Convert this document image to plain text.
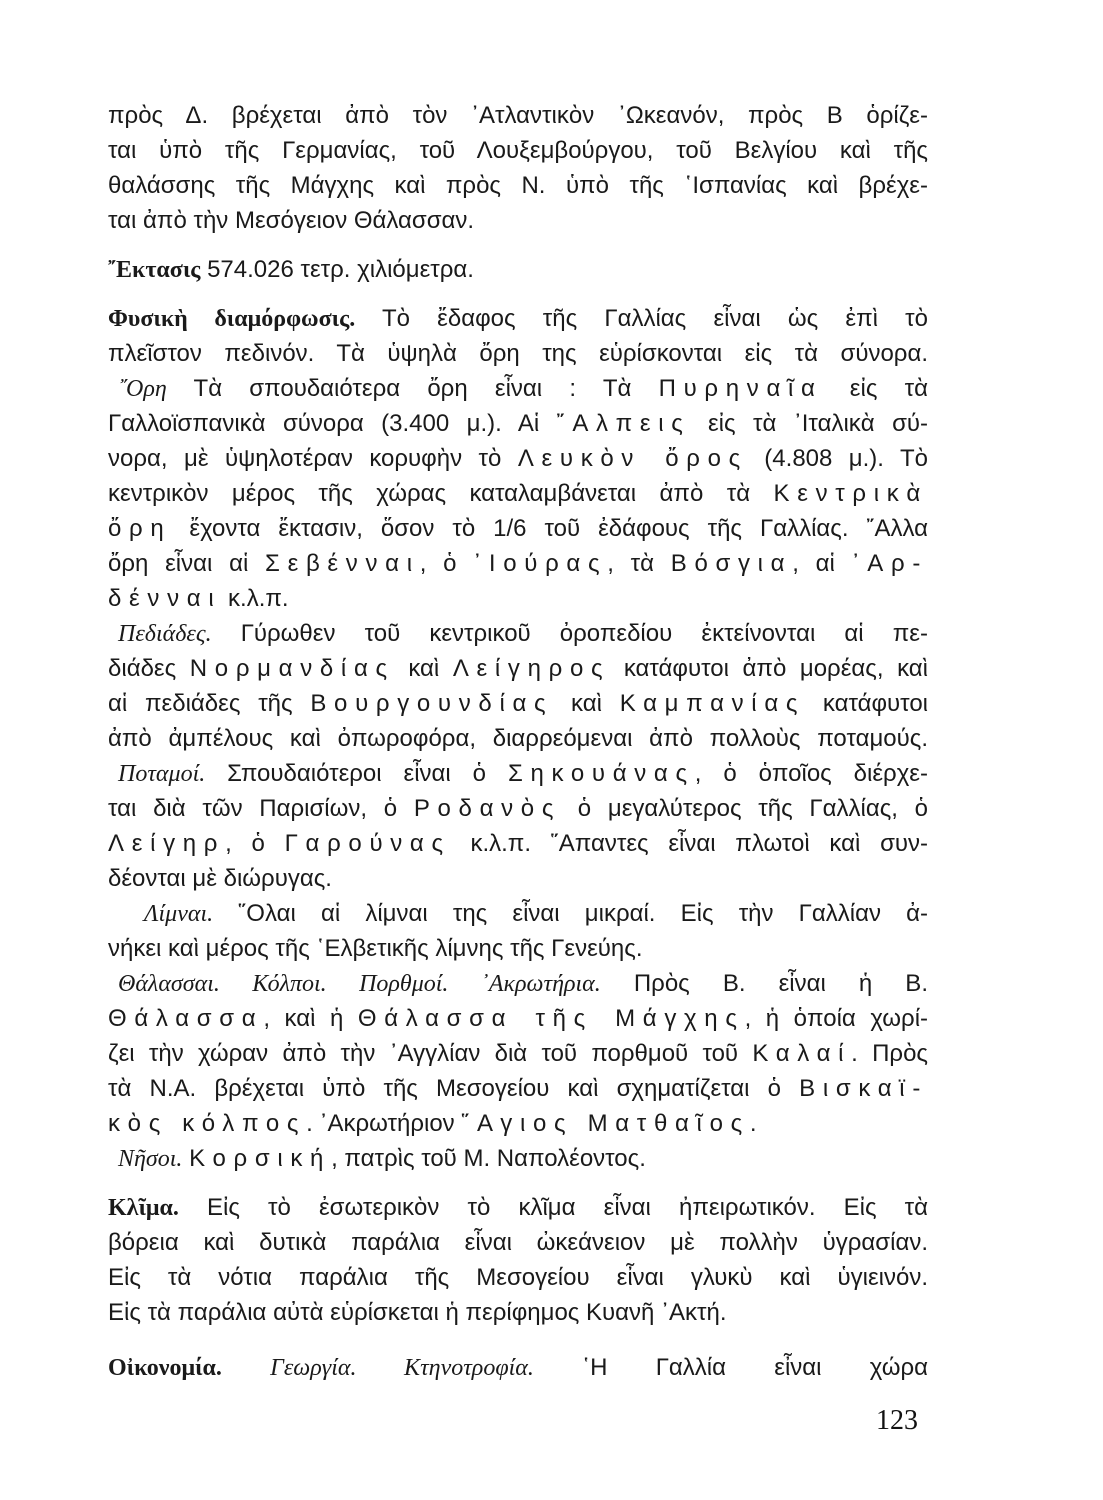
πρὸς Δ. βρέχεται ἀπὸ τὸν ᾿Ατλαντικὸν ᾿Ωκεανόν, πρὸς Β ὁρίζε-
ται ὑπὸ τῆς Γερμανίας, τοῦ Λουξεμβούργου, τοῦ Βελγίου καὶ τῆς
θαλάσσης τῆς Μάγχης καὶ πρὸς Ν. ὑπὸ τῆς ῾Ισπανίας καὶ βρέχε-
ται ἀπὸ τὴν Μεσόγειον Θάλασσαν.
῎Εκτασις 574.026 τετρ. χιλιόμετρα.
Φυσικὴ διαμόρφωσις. Τὸ ἔδαφος τῆς Γαλλίας εἶναι ὡς ἐπὶ τὸ
πλεῖστον πεδινόν. Τὰ ὑψηλὰ ὄρη της εὑρίσκονται εἰς τὰ σύνορα.
῎Ορη Τὰ σπουδαιότερα ὄρη εἶναι : Τὰ Πυρηναῖα εἰς τὰ
Γαλλοϊσπανικὰ σύνορα (3.400 μ.). Αἱ ῎Αλπεις εἰς τὰ ᾿Ιταλικὰ σύ-
νορα, μὲ ὑψηλοτέραν κορυφὴν τὸ Λευκὸν ὄρος (4.808 μ.). Τὸ
κεντρικὸν μέρος τῆς χώρας καταλαμβάνεται ἀπὸ τὰ Κεντρικὰ
ὄρη ἔχοντα ἔκτασιν, ὅσον τὸ 1/6 τοῦ ἐδάφους τῆς Γαλλίας. ῎Αλλα
ὄρη εἶναι αἱ Σεβένναι, ὁ ᾿Ιούρας, τὰ Βόσγια, αἱ ᾿Αρ-
δένναι κ.λ.π.
Πεδιάδες. Γύρωθεν τοῦ κεντρικοῦ ὀροπεδίου ἐκτείνονται αἱ πε-
διάδες Νορμανδίας καὶ Λείγηρος κατάφυτοι ἀπὸ μορέας, καὶ
αἱ πεδιάδες τῆς Βουργουνδίας καὶ Καμπανίας κατάφυτοι
ἀπὸ ἀμπέλους καὶ ὀπωροφόρα, διαρρεόμεναι ἀπὸ πολλοὺς ποταμούς.
Ποταμοί. Σπουδαιότεροι εἶναι ὁ Σηκουάνας, ὁ ὁποῖος διέρχε-
ται διὰ τῶν Παρισίων, ὁ Ροδανὸς ὁ μεγαλύτερος τῆς Γαλλίας, ὁ
Λείγηρ, ὁ Γαρούνας κ.λ.π. ῞Απαντες εἶναι πλωτοὶ καὶ συν-
δέονται μὲ διώρυγας.
Λίμναι. ῞Ολαι αἱ λίμναι της εἶναι μικραί. Εἰς τὴν Γαλλίαν ἀ-
νήκει καὶ μέρος τῆς ῾Ελβετικῆς λίμνης τῆς Γενεύης.
Θάλασσαι. Κόλποι. Πορθμοί. ᾿Ακρωτήρια. Πρὸς Β. εἶναι ἡ Β.
Θάλασσα, καὶ ἡ Θάλασσα τῆς Μάγχης, ἡ ὁποία χωρί-
ζει τὴν χώραν ἀπὸ τὴν ᾿Αγγλίαν διὰ τοῦ πορθμοῦ τοῦ Καλαί. Πρὸς
τὰ Ν.Α. βρέχεται ὑπὸ τῆς Μεσογείου καὶ σχηματίζεται ὁ Βισκαϊ-
κὸς κόλπος. ᾿Ακρωτήριον ῞Αγιος Ματθαῖος.
Νῆσοι. Κορσική, πατρὶς τοῦ Μ. Ναπολέοντος.
Κλῖμα. Εἰς τὸ ἐσωτερικὸν τὸ κλῖμα εἶναι ἠπειρωτικόν. Εἰς τὰ
βόρεια καὶ δυτικὰ παράλια εἶναι ὠκεάνειον μὲ πολλὴν ὑγρασίαν.
Εἰς τὰ νότια παράλια τῆς Μεσογείου εἶναι γλυκὺ καὶ ὑγιεινόν.
Εἰς τὰ παράλια αὐτὰ εὑρίσκεται ἡ περίφημος Κυανῆ ᾿Ακτή.
Οἰκονομία. Γεωργία. Κτηνοτροφία. ῾Η Γαλλία εἶναι χώρα
123
